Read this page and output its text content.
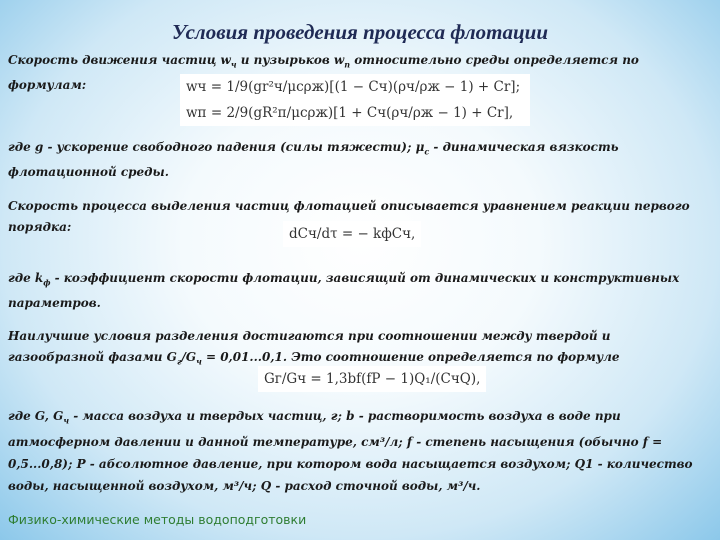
Условия проведения процесса флотации
Скорость движения частиц $w_ч$ и пузырьков $w_п$ относительно среды определяется по формулам:	wч = 1/9(gr²ч/μсρж)[(1 − Cч)(ρч/ρж − 1) + Cr];
wп = 2/9(gR²п/μсρж)[1 + Cч(ρч/ρж − 1) + Cr],
где g - ускорение свободного падения (силы тяжести); $\mu_c$ - динамическая вязкость флотационной среды.
Скорость процесса выделения частиц флотацией описывается уравнением реакции первого порядка:	dCч/dτ = − kфCч,
где $k_ф$ - коэффициент скорости флотации, зависящий от динамических и конструктивных параметров.
Наилучшие условия разделения достигаются при соотношении между твердой и газообразной фазами $G_г/G_ч = 0,01...0,1$. Это соотношение определяется по формуле
Gг/Gч = 1,3bf(fP − 1)Q₁/(CчQ),
где G, $G_ч$ - масса воздуха и твердых частиц, г; b - растворимость воздуха в воде при атмосферном давлении и данной температуре, см³/л; f - степень насыщения (обычно f = 0,5...0,8); P - абсолютное давление, при котором вода насыщается воздухом; Q1 - количество воды, насыщенной воздухом, м³/ч; Q - расход сточной воды, м³/ч.
Физико-химические методы водоподготовки
